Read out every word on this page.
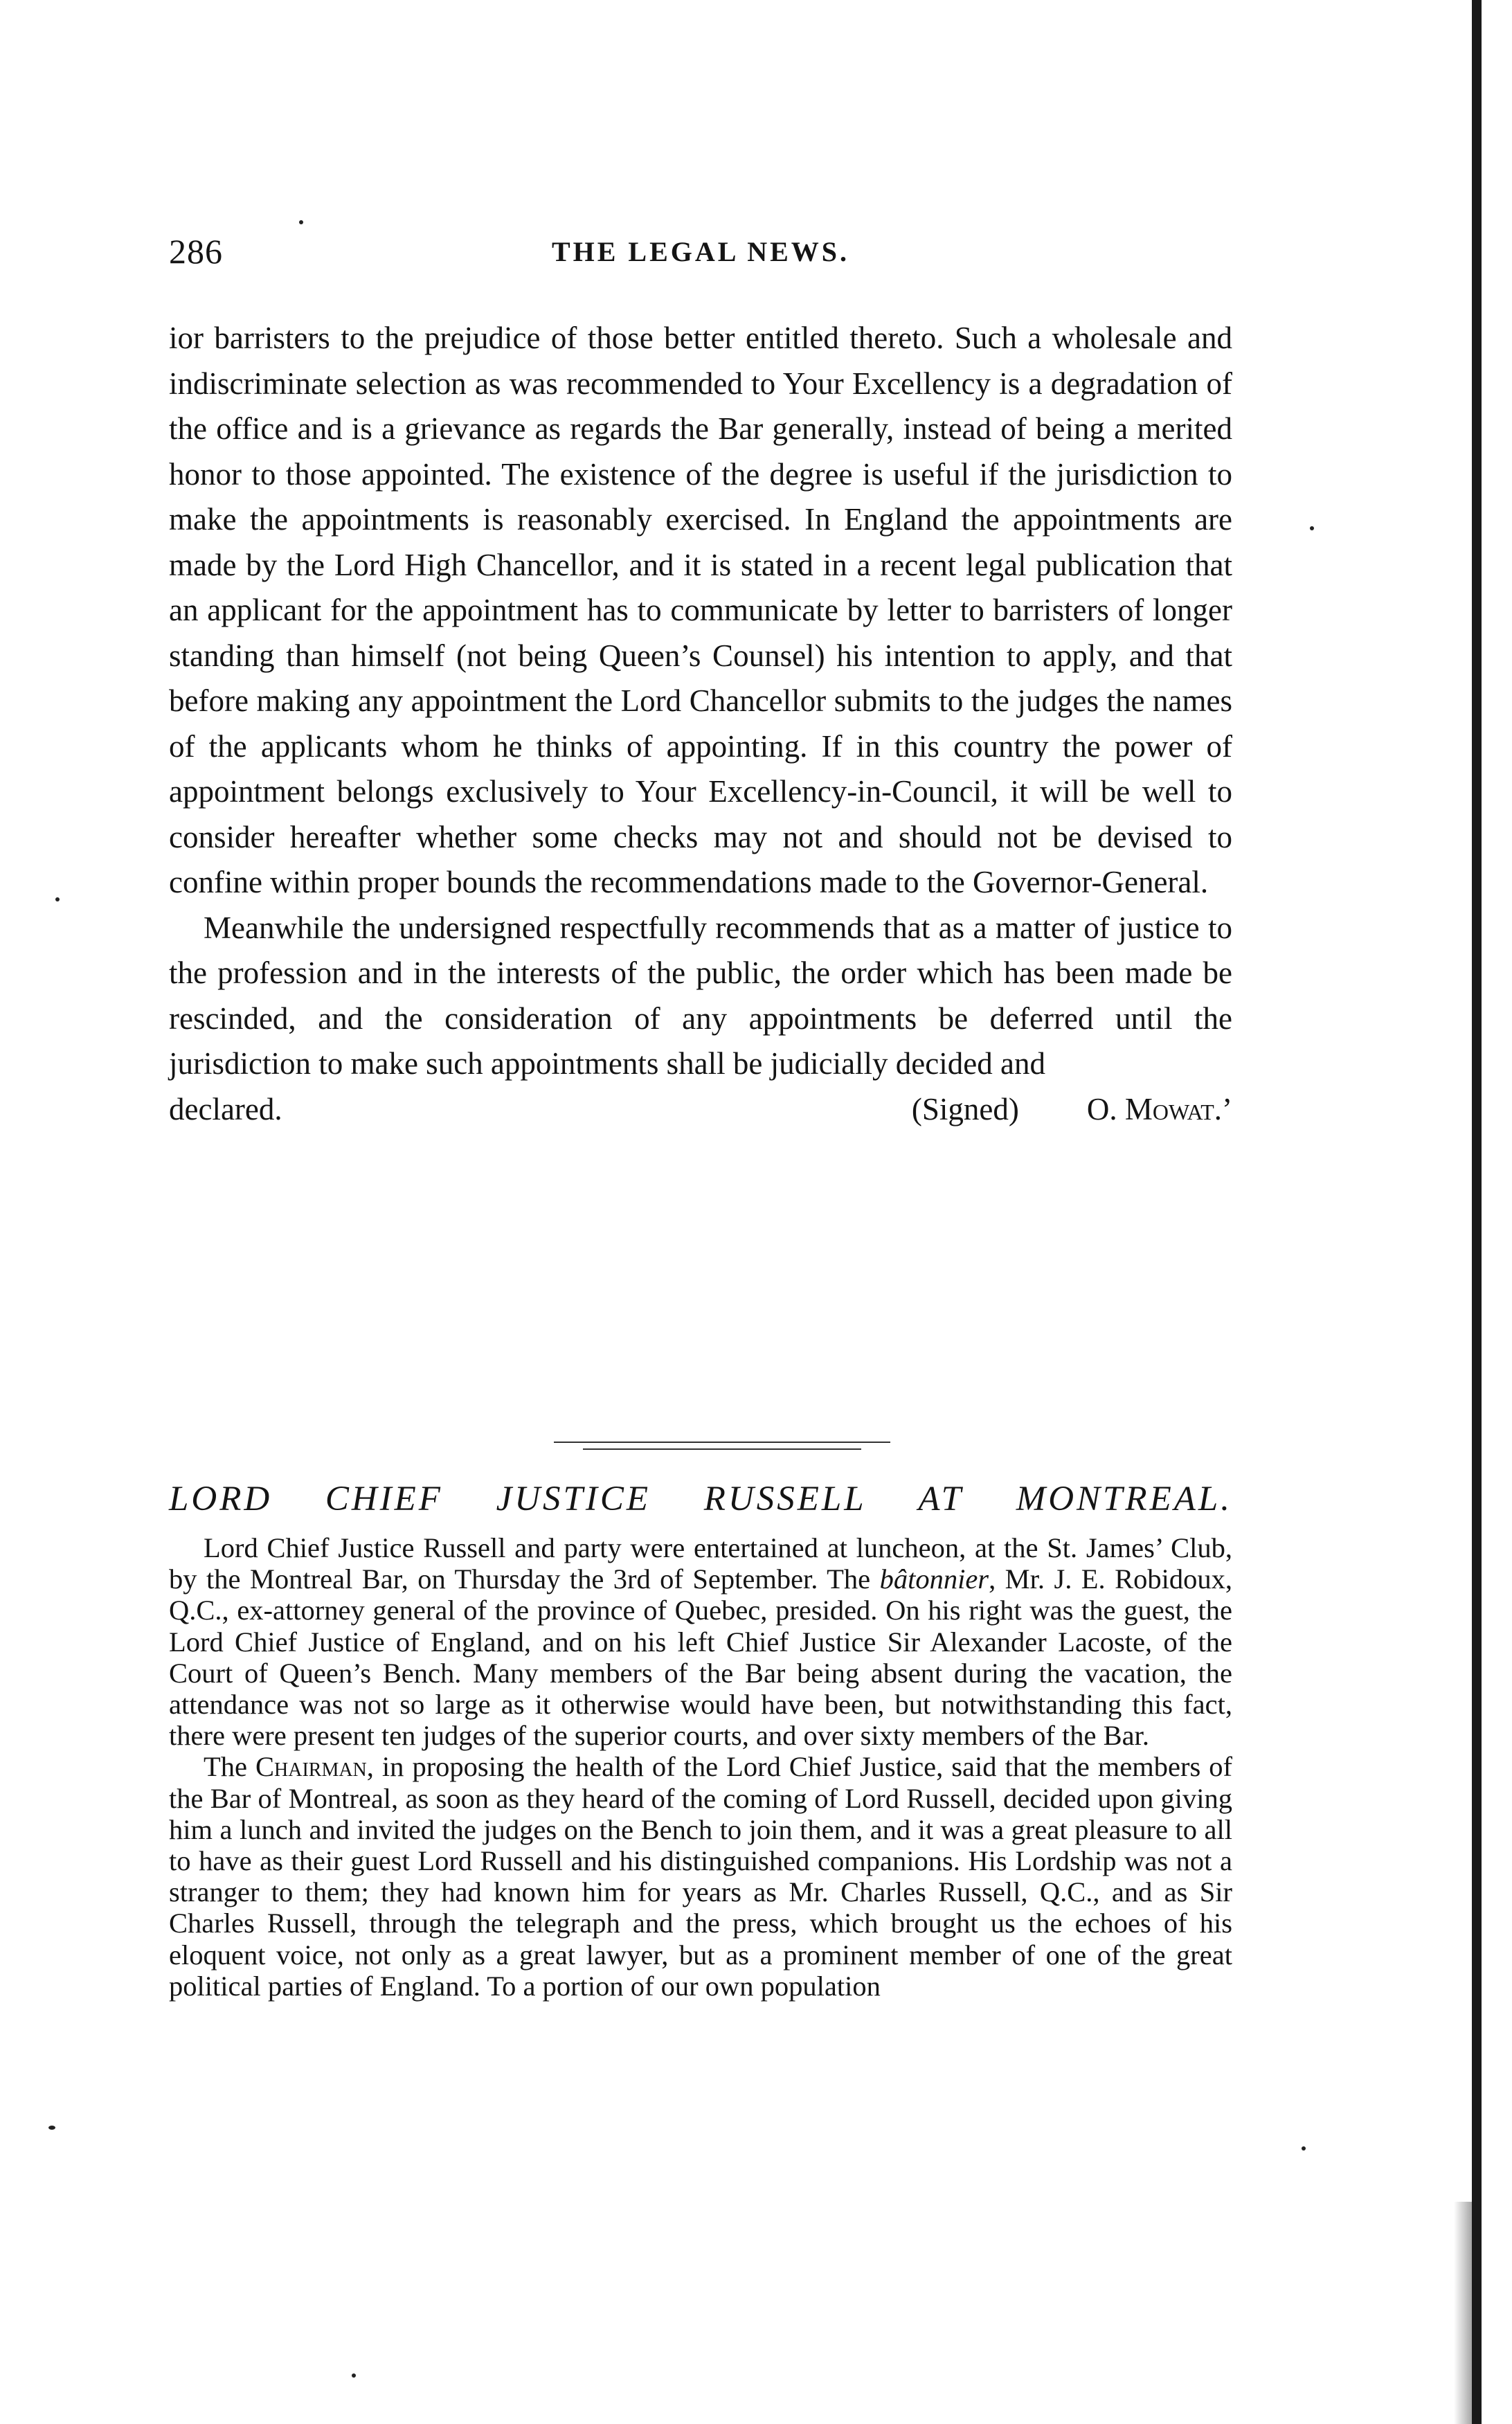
286	THE LEGAL NEWS.

ior barristers to the prejudice of those better entitled thereto. Such a wholesale and indiscriminate selection as was recommended to Your Excellency is a degradation of the office and is a grievance as regards the Bar generally, instead of being a merited honor to those appointed. The existence of the degree is useful if the jurisdiction to make the appointments is reasonably exercised. In England the appointments are made by the Lord High Chancellor, and it is stated in a recent legal publication that an applicant for the appointment has to communicate by letter to barristers of longer standing than himself (not being Queen’s Counsel) his intention to apply, and that before making any appointment the Lord Chancellor submits to the judges the names of the applicants whom he thinks of appointing. If in this country the power of appointment belongs exclusively to Your Excellency-in-Council, it will be well to consider hereafter whether some checks may not and should not be devised to confine within proper bounds the recommendations made to the Governor-General.

Meanwhile the undersigned respectfully recommends that as a matter of justice to the profession and in the interests of the public, the order which has been made be rescinded, and the consideration of any appointments be deferred until the jurisdiction to make such appointments shall be judicially decided and

declared.	(Signed) O. Mowat.’

LORD CHIEF JUSTICE RUSSELL AT MONTREAL.

Lord Chief Justice Russell and party were entertained at luncheon, at the St. James’ Club, by the Montreal Bar, on Thursday the 3rd of September. The bâtonnier, Mr. J. E. Robidoux, Q.C., ex-attorney general of the province of Quebec, presided. On his right was the guest, the Lord Chief Justice of England, and on his left Chief Justice Sir Alexander Lacoste, of the Court of Queen’s Bench. Many members of the Bar being absent during the vacation, the attendance was not so large as it otherwise would have been, but notwithstanding this fact, there were present ten judges of the superior courts, and over sixty members of the Bar.

The Chairman, in proposing the health of the Lord Chief Justice, said that the members of the Bar of Montreal, as soon as they heard of the coming of Lord Russell, decided upon giving him a lunch and invited the judges on the Bench to join them, and it was a great pleasure to all to have as their guest Lord Russell and his distinguished companions. His Lordship was not a stranger to them; they had known him for years as Mr. Charles Russell, Q.C., and as Sir Charles Russell, through the telegraph and the press, which brought us the echoes of his eloquent voice, not only as a great lawyer, but as a prominent member of one of the great political parties of England. To a portion of our own population
